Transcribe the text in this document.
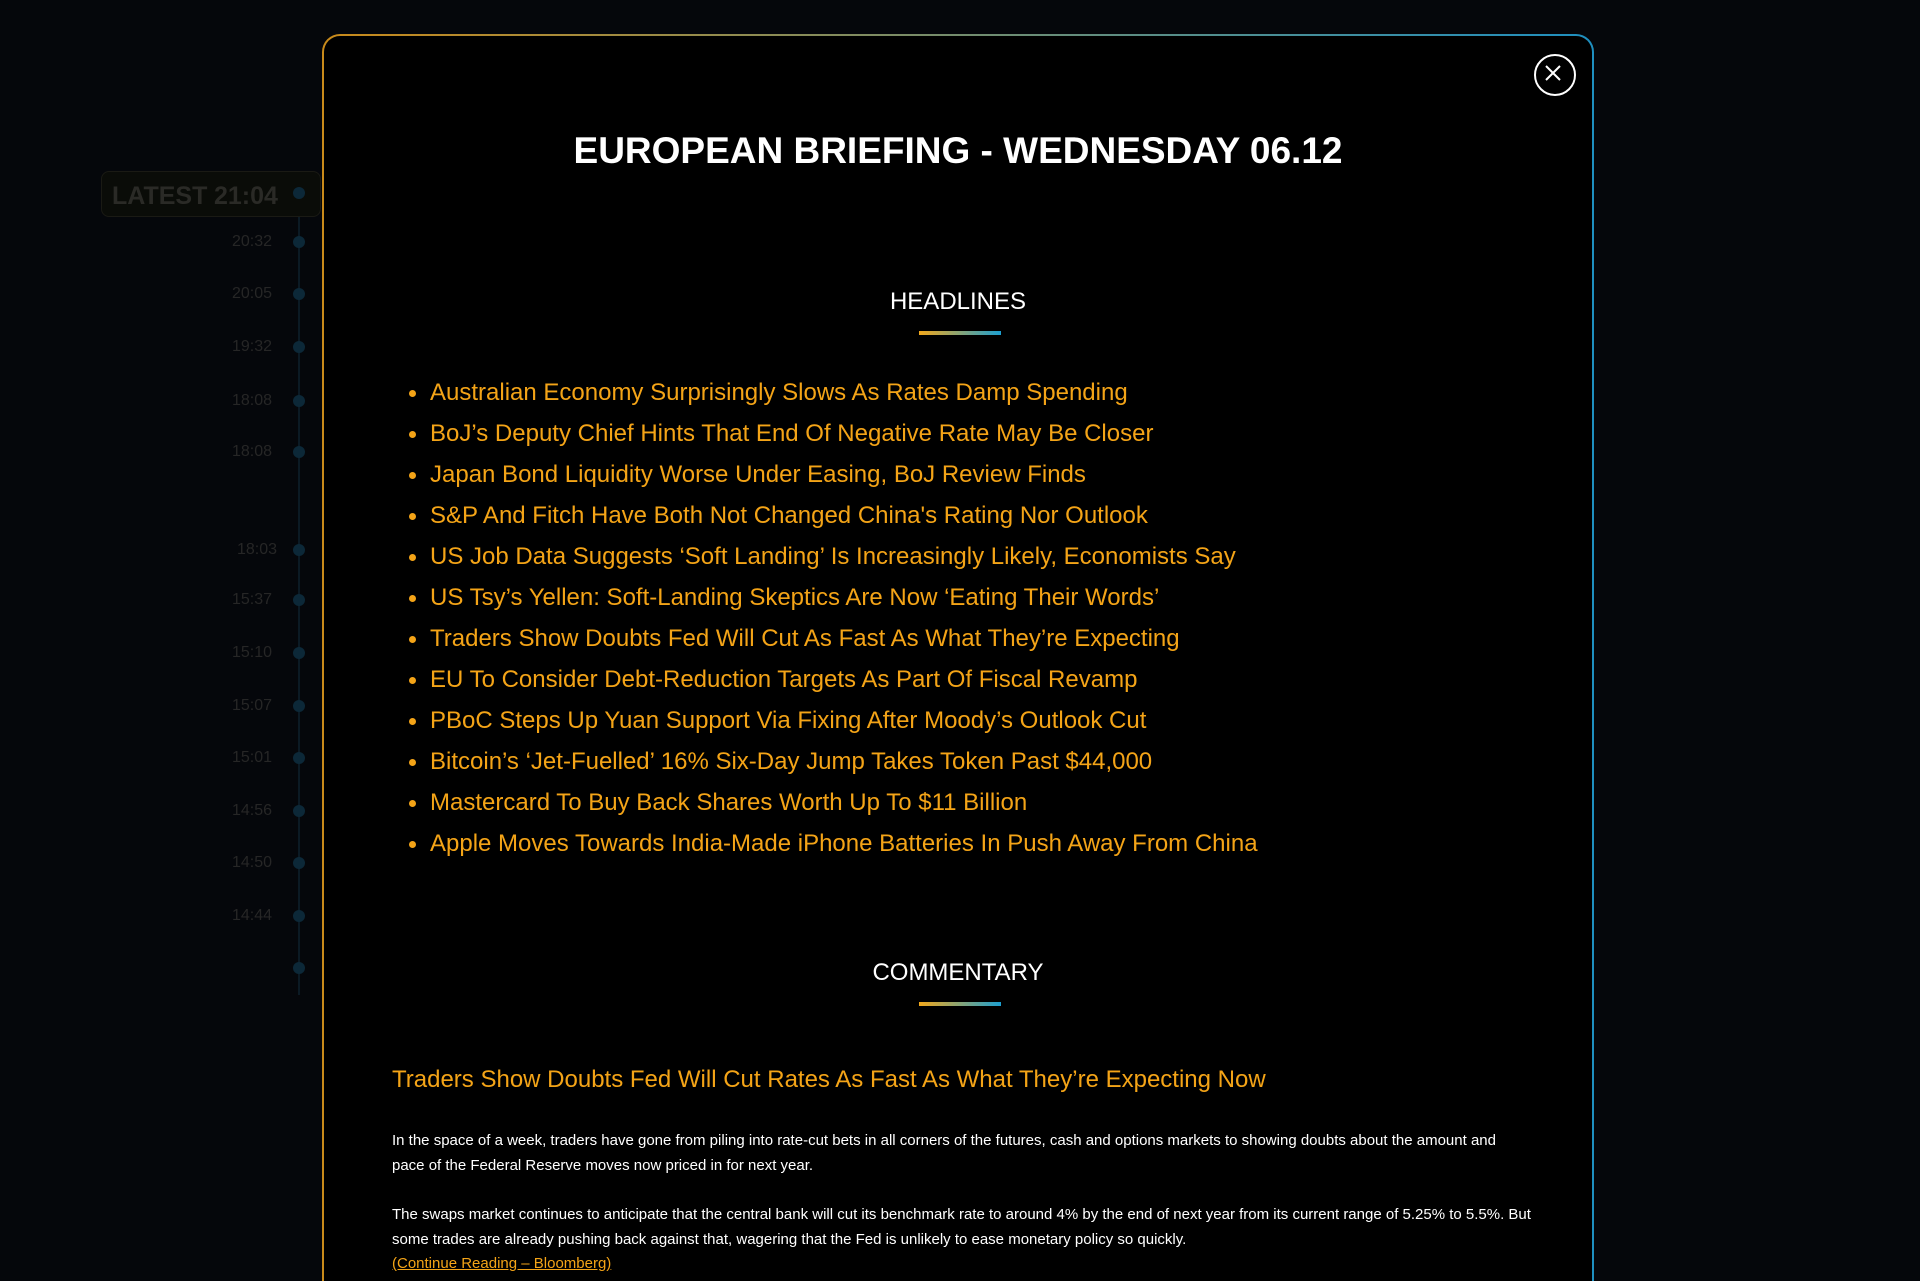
LATEST 21:04
20:32
20:05
19:32
18:08
18:08
18:03
15:37
15:10
15:07
15:01
14:56
14:50
14:44
EUROPEAN BRIEFING - WEDNESDAY 06.12
HEADLINES
Australian Economy Surprisingly Slows As Rates Damp Spending
BoJ’s Deputy Chief Hints That End Of Negative Rate May Be Closer
Japan Bond Liquidity Worse Under Easing, BoJ Review Finds
S&P And Fitch Have Both Not Changed China's Rating Nor Outlook
US Job Data Suggests ‘Soft Landing’ Is Increasingly Likely, Economists Say
US Tsy’s Yellen: Soft-Landing Skeptics Are Now ‘Eating Their Words’
Traders Show Doubts Fed Will Cut As Fast As What They’re Expecting
EU To Consider Debt-Reduction Targets As Part Of Fiscal Revamp
PBoC Steps Up Yuan Support Via Fixing After Moody’s Outlook Cut
Bitcoin’s ‘Jet-Fuelled’ 16% Six-Day Jump Takes Token Past $44,000
Mastercard To Buy Back Shares Worth Up To $11 Billion
Apple Moves Towards India-Made iPhone Batteries In Push Away From China
COMMENTARY
Traders Show Doubts Fed Will Cut Rates As Fast As What They’re Expecting Now
In the space of a week, traders have gone from piling into rate-cut bets in all corners of the futures, cash and options markets to showing doubts about the amount and pace of the Federal Reserve moves now priced in for next year.
The swaps market continues to anticipate that the central bank will cut its benchmark rate to around 4% by the end of next year from its current range of 5.25% to 5.5%. But some trades are already pushing back against that, wagering that the Fed is unlikely to ease monetary policy so quickly.
(Continue Reading – Bloomberg)
